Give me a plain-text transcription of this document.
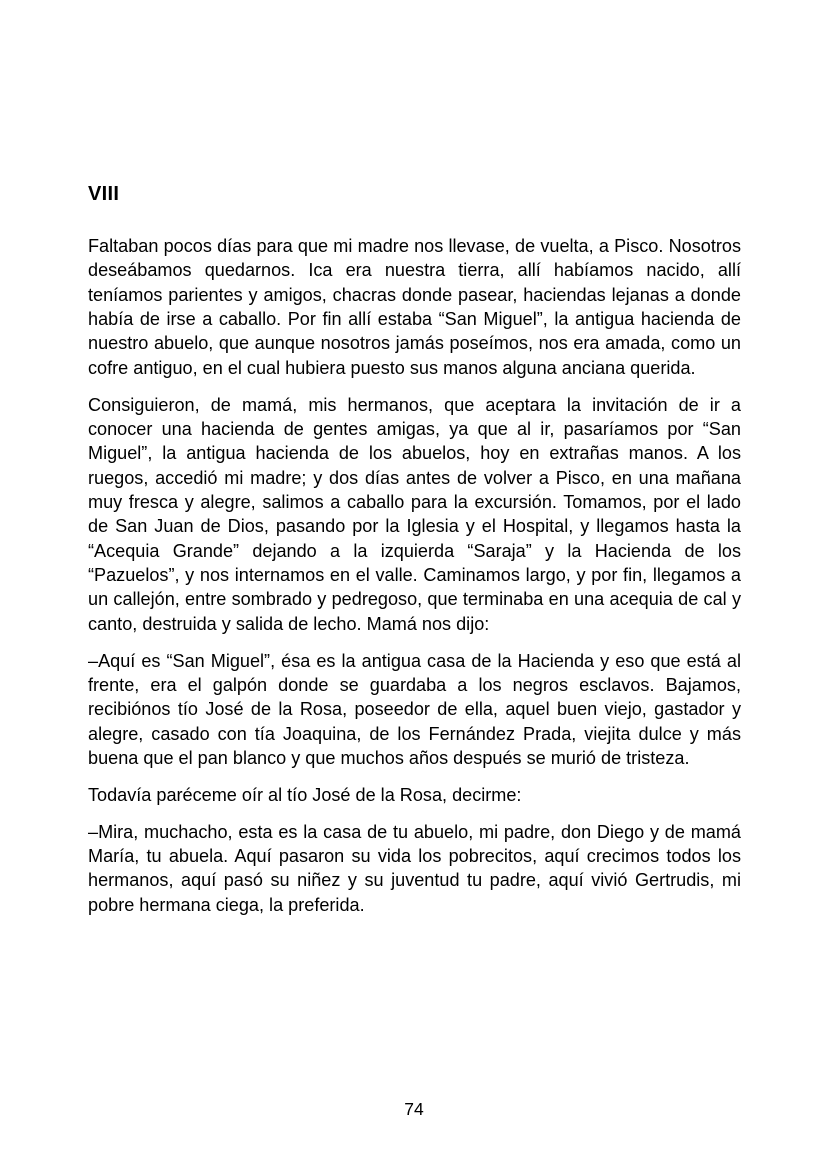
VIII

Faltaban pocos días para que mi madre nos llevase, de vuelta, a Pisco. Nosotros deseábamos quedarnos. Ica era nuestra tierra, allí habíamos nacido, allí teníamos parientes y amigos, chacras donde pasear, haciendas lejanas a donde había de irse a caballo. Por fin allí estaba “San Miguel”, la antigua hacienda de nuestro abuelo, que aunque nosotros jamás poseímos, nos era amada, como un cofre antiguo, en el cual hubiera puesto sus manos alguna anciana querida.

Consiguieron, de mamá, mis hermanos, que aceptara la invitación de ir a conocer una hacienda de gentes amigas, ya que al ir, pasaríamos por “San Miguel”, la antigua hacienda de los abuelos, hoy en extrañas manos. A los ruegos, accedió mi madre; y dos días antes de volver a Pisco, en una mañana muy fresca y alegre, salimos a caballo para la excursión. Tomamos, por el lado de San Juan de Dios, pasando por la Iglesia y el Hospital, y llegamos hasta la “Acequia Grande” dejando a la izquierda “Saraja” y la Hacienda de los “Pazuelos”, y nos internamos en el valle. Caminamos largo, y por fin, llegamos a un callejón, entre sombrado y pedregoso, que terminaba en una acequia de cal y canto, destruida y salida de lecho. Mamá nos dijo:

–Aquí es “San Miguel”, ésa es la antigua casa de la Hacienda y eso que está al frente, era el galpón donde se guardaba a los negros esclavos. Bajamos, recibiónos tío José de la Rosa, poseedor de ella, aquel buen viejo, gastador y alegre, casado con tía Joaquina, de los Fernández Prada, viejita dulce y más buena que el pan blanco y que muchos años después se murió de tristeza.

Todavía paréceme oír al tío José de la Rosa, decirme:

–Mira, muchacho, esta es la casa de tu abuelo, mi padre, don Diego y de mamá María, tu abuela. Aquí pasaron su vida los pobrecitos, aquí crecimos todos los hermanos, aquí pasó su niñez y su juventud tu padre, aquí vivió Gertrudis, mi pobre hermana ciega, la preferida.

74
